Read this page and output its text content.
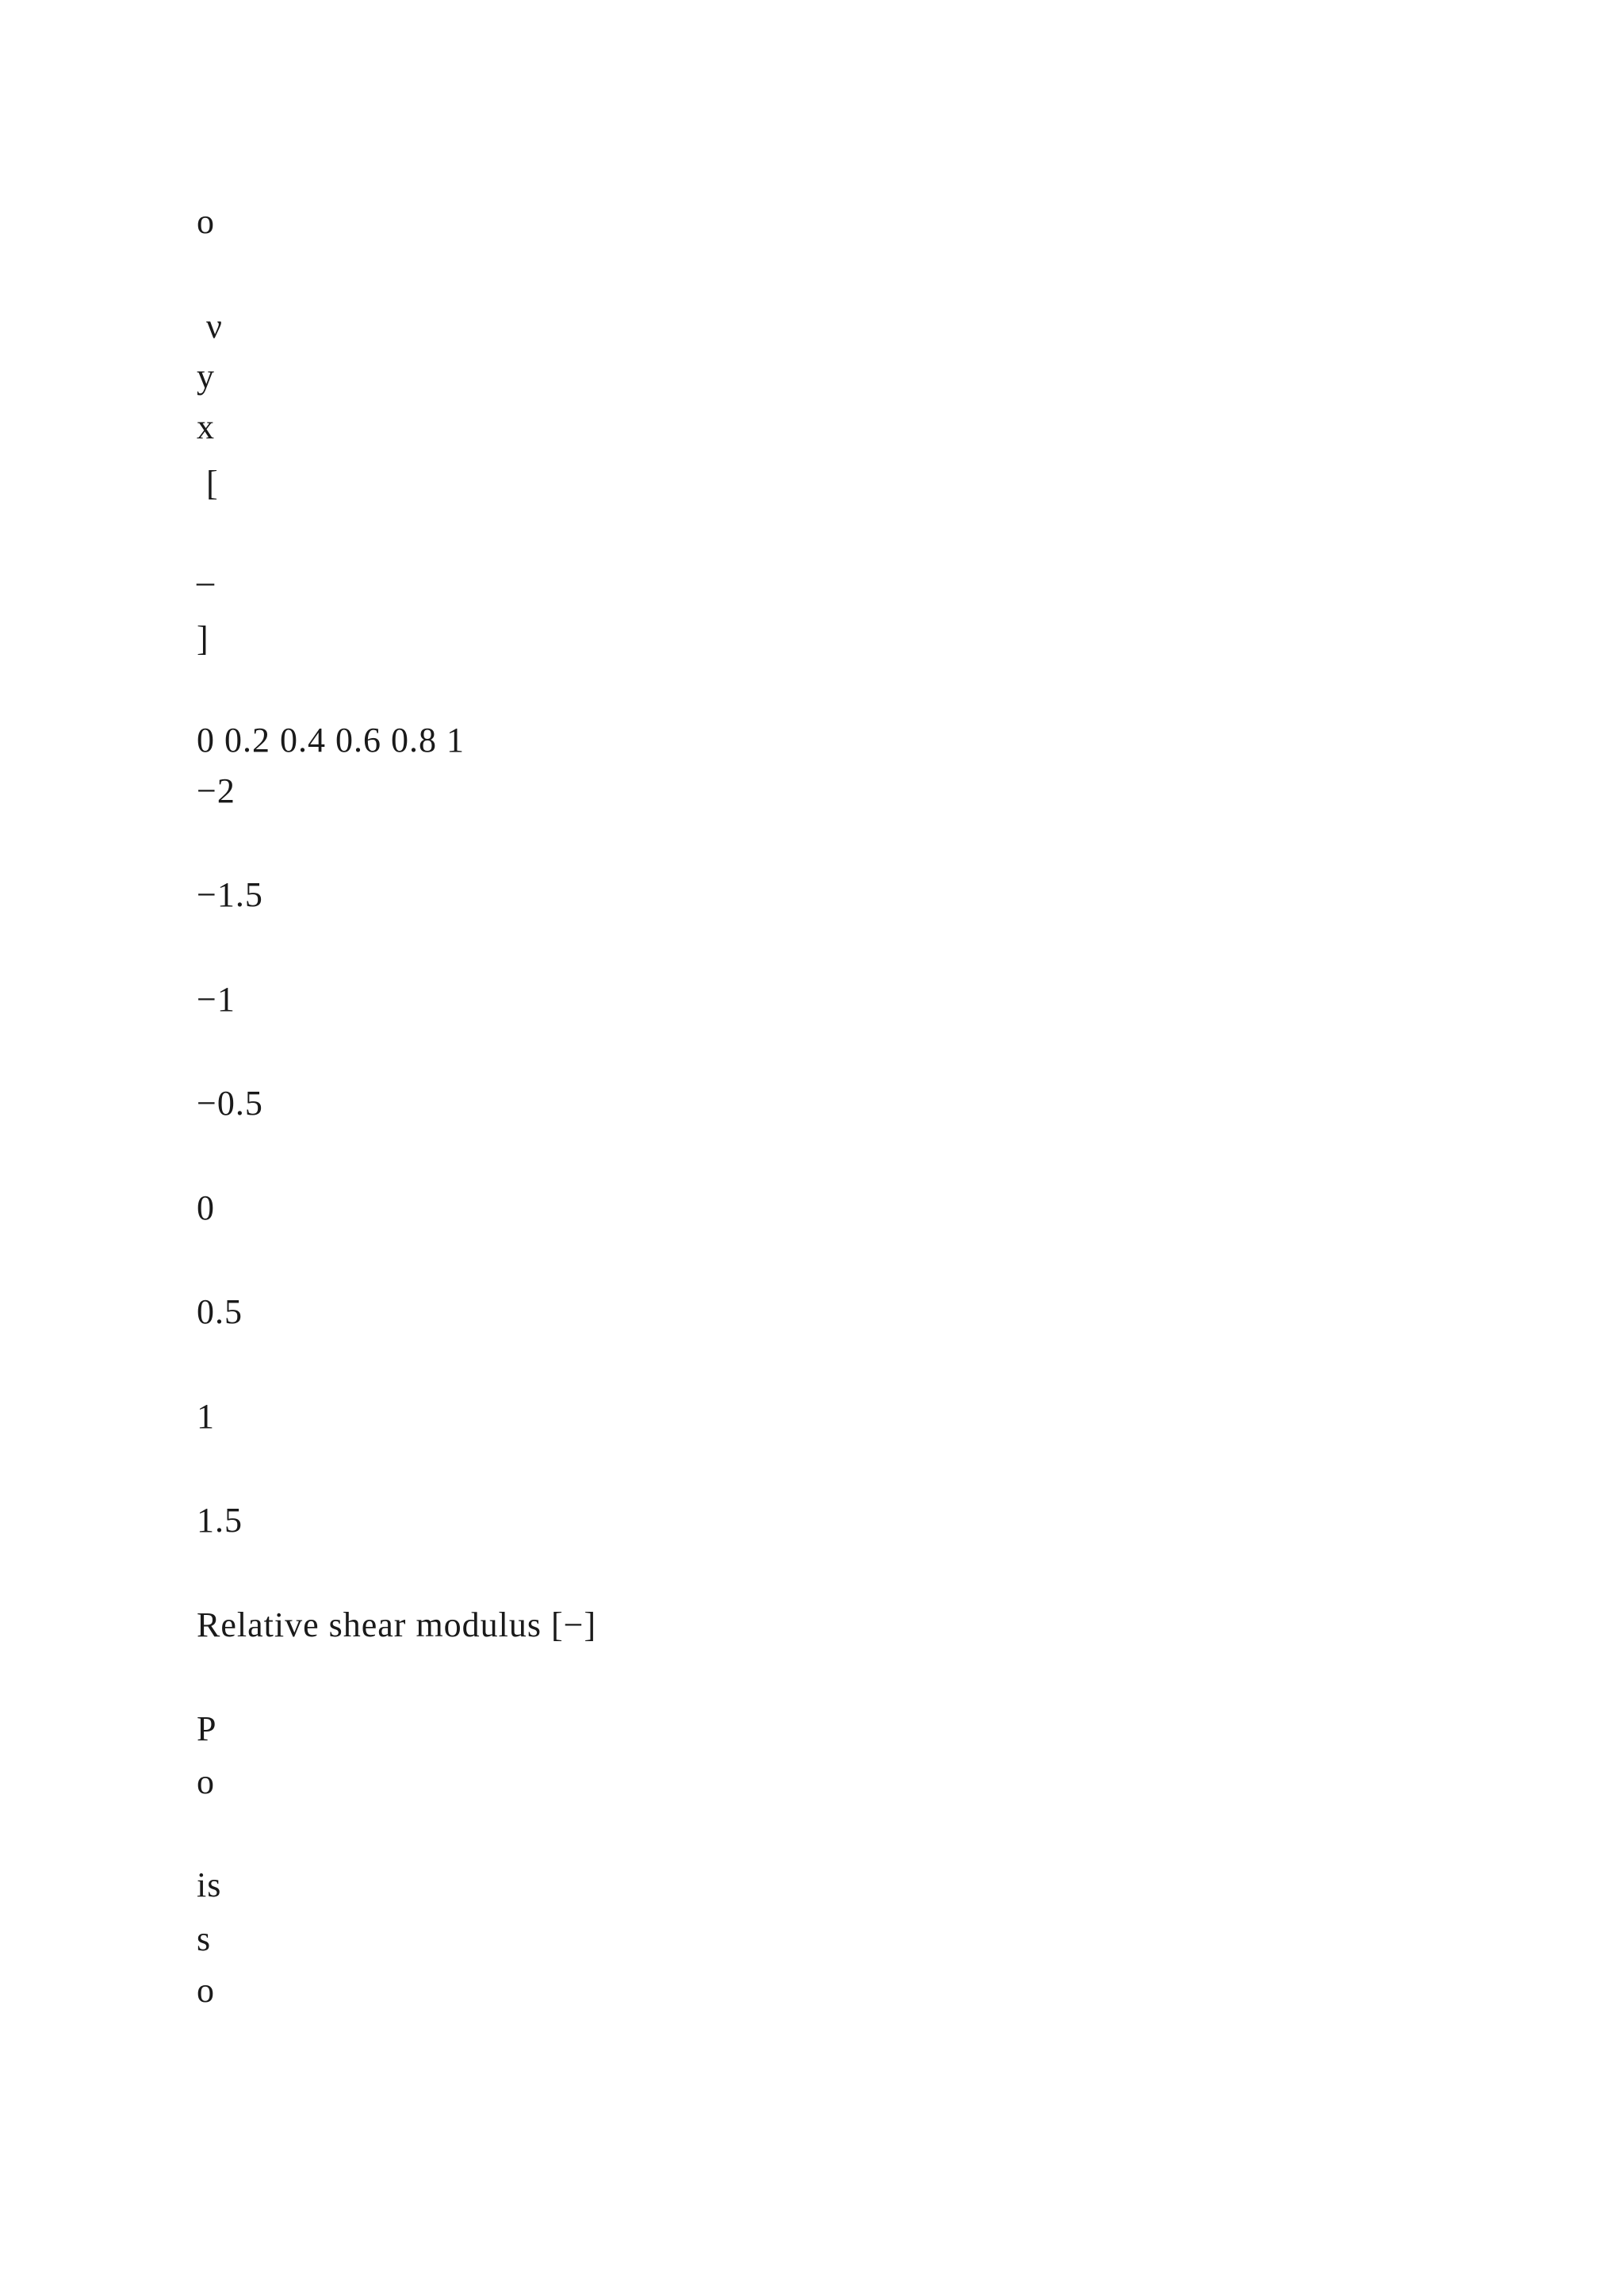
o
ν
y
x
[
–
]
0 0.2 0.4 0.6 0.8 1
−2
−1.5
−1
−0.5
0
0.5
1
1.5
Relative shear modulus [−]
P
o
is
s
o
